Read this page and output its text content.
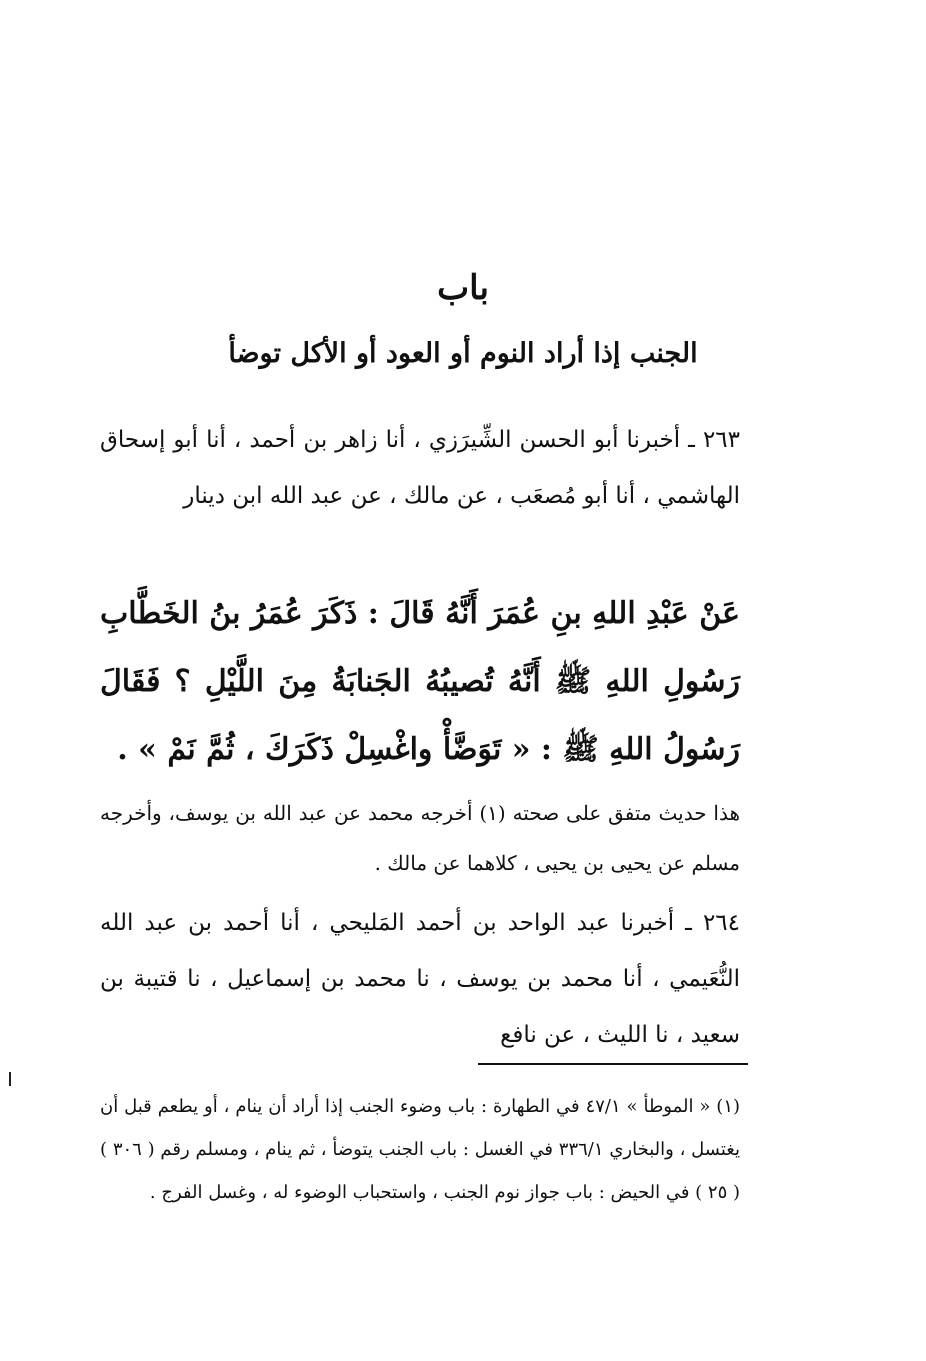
باب
الجنب إذا أراد النوم أو العود أو الأكل توضأ

٢٦٣ ـ أخبرنا أبو الحسن الشِّيرَزي ، أنا زاهر بن أحمد ، أنا أبو إسحاق الهاشمي ، أنا أبو مُصعَب ، عن مالك ، عن عبد الله ابن دينار

عَنْ عَبْدِ اللهِ بنِ عُمَرَ أَنَّهُ قَالَ : ذَكَرَ عُمَرُ بنُ الخَطَّابِ رَسُولِ اللهِ ﷺ أَنَّهُ تُصيبُهُ الجَنابَةُ مِنَ اللَّيْلِ ؟ فَقَالَ رَسُولُ اللهِ ﷺ : « تَوَضَّأْ واغْسِلْ ذَكَرَكَ ، ثُمَّ نَمْ » .

هذا حديث متفق على صحته (١) أخرجه محمد عن عبد الله بن يوسف، وأخرجه مسلم عن يحيى بن يحيى ، كلاهما عن مالك .

٢٦٤ ـ أخبرنا عبد الواحد بن أحمد المَليحي ، أنا أحمد بن عبد الله النُّعَيمي ، أنا محمد بن يوسف ، نا محمد بن إسماعيل ، نا قتيبة بن سعيد ، نا الليث ، عن نافع

(١) « الموطأ » ٤٧/١ في الطهارة : باب وضوء الجنب إذا أراد أن ينام ، أو يطعم قبل أن يغتسل ، والبخاري ٣٣٦/١ في الغسل : باب الجنب يتوضأ ، ثم ينام ، ومسلم رقم ( ٣٠٦ ) ( ٢٥ ) في الحيض : باب جواز نوم الجنب ، واستحباب الوضوء له ، وغسل الفرج .
